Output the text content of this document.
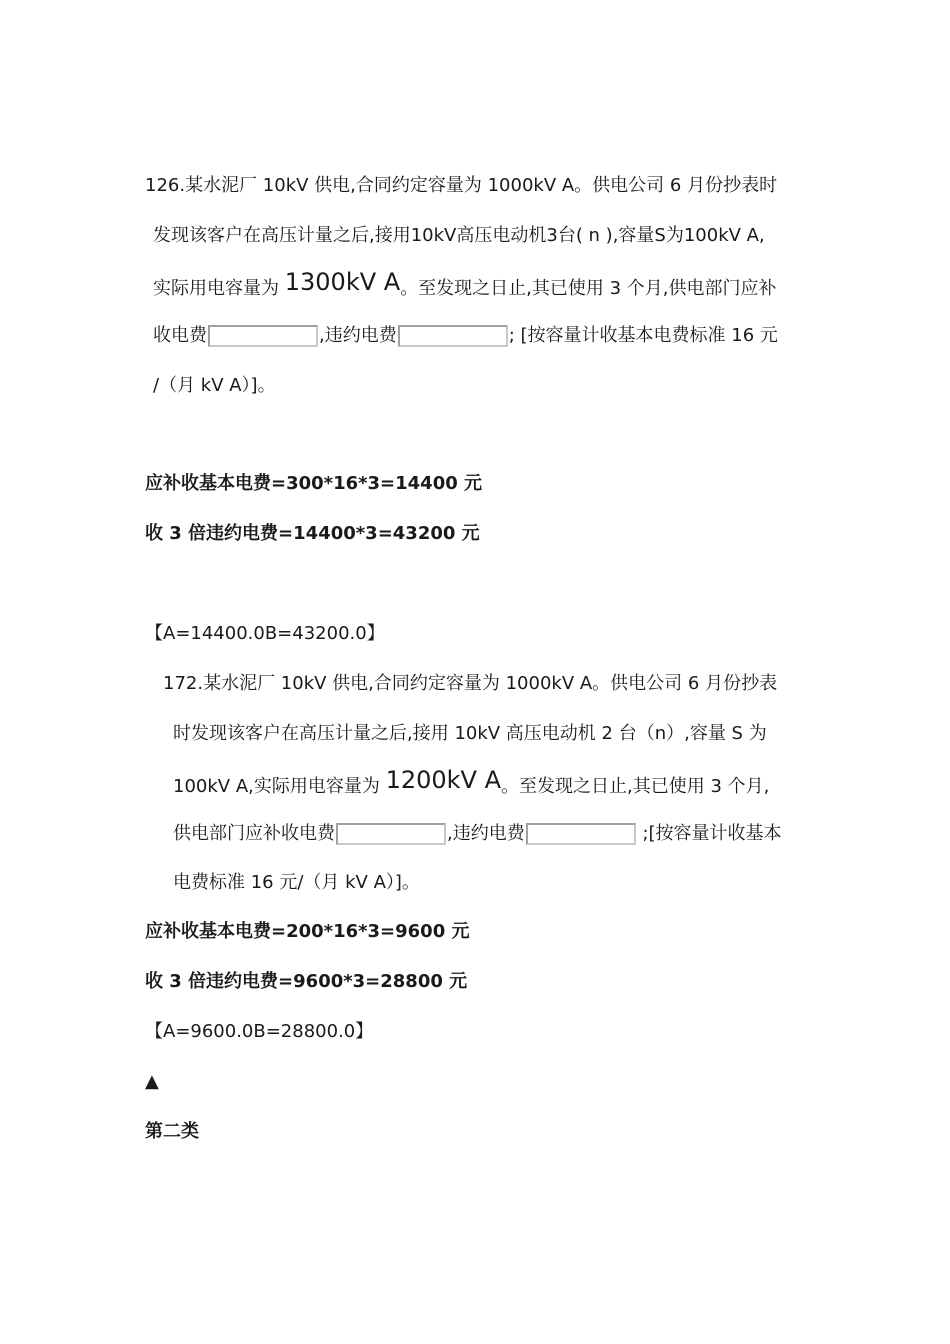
126.某水泥厂 10kV 供电,合同约定容量为 1000kV A。供电公司 6 月份抄表时
发现该客户在高压计量之后,接用10kV高压电动机3台( n ),容量S为100kV A,
实际用电容量为 1300kV A。至发现之日止,其已使用 3 个月,供电部门应补
收电费	,违约电费	; [按容量计收基本电费标准 16 元
/（月 kV A）]。
应补收基本电费=300*16*3=14400 元
收 3 倍违约电费=14400*3=43200 元
【A=14400.0B=43200.0】
172.某水泥厂 10kV 供电,合同约定容量为 1000kV A。供电公司 6 月份抄表
时发现该客户在高压计量之后,接用 10kV 高压电动机 2 台（n）,容量 S 为
100kV A,实际用电容量为 1200kV A。至发现之日止,其已使用 3 个月,
供电部门应补收电费	,违约电费	;[按容量计收基本
电费标准 16 元/（月 kV A）]。
应补收基本电费=200*16*3=9600 元
收 3 倍违约电费=9600*3=28800 元
【A=9600.0B=28800.0】
▲
第二类
